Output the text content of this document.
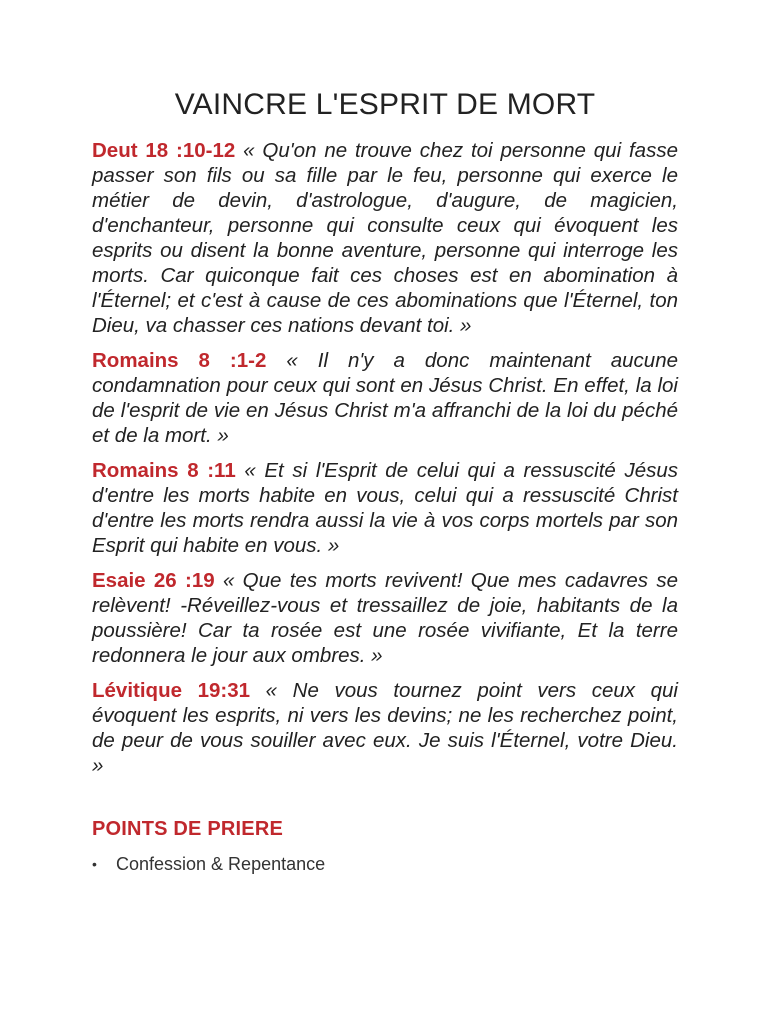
VAINCRE L'ESPRIT DE MORT

Deut 18 :10-12 « Qu'on ne trouve chez toi personne qui fasse passer son fils ou sa fille par le feu, personne qui exerce le métier de devin, d'astrologue, d'augure, de magicien, d'enchanteur, personne qui consulte ceux qui évoquent les esprits ou disent la bonne aventure, personne qui interroge les morts. Car quiconque fait ces choses est en abomination à l'Éternel; et c'est à cause de ces abominations que l'Éternel, ton Dieu, va chasser ces nations devant toi. »

Romains 8 :1-2 « Il n'y a donc maintenant aucune condamnation pour ceux qui sont en Jésus Christ. En effet, la loi de l'esprit de vie en Jésus Christ m'a affranchi de la loi du péché et de la mort. »

Romains 8 :11 « Et si l'Esprit de celui qui a ressuscité Jésus d'entre les morts habite en vous, celui qui a ressuscité Christ d'entre les morts rendra aussi la vie à vos corps mortels par son Esprit qui habite en vous. »

Esaie 26 :19 « Que tes morts revivent! Que mes cadavres se relèvent! -Réveillez-vous et tressaillez de joie, habitants de la poussière! Car ta rosée est une rosée vivifiante, Et la terre redonnera le jour aux ombres. »

Lévitique 19:31 « Ne vous tournez point vers ceux qui évoquent les esprits, ni vers les devins; ne les recherchez point, de peur de vous souiller avec eux. Je suis l'Éternel, votre Dieu. »

POINTS DE PRIERE
• Confession & Repentance
